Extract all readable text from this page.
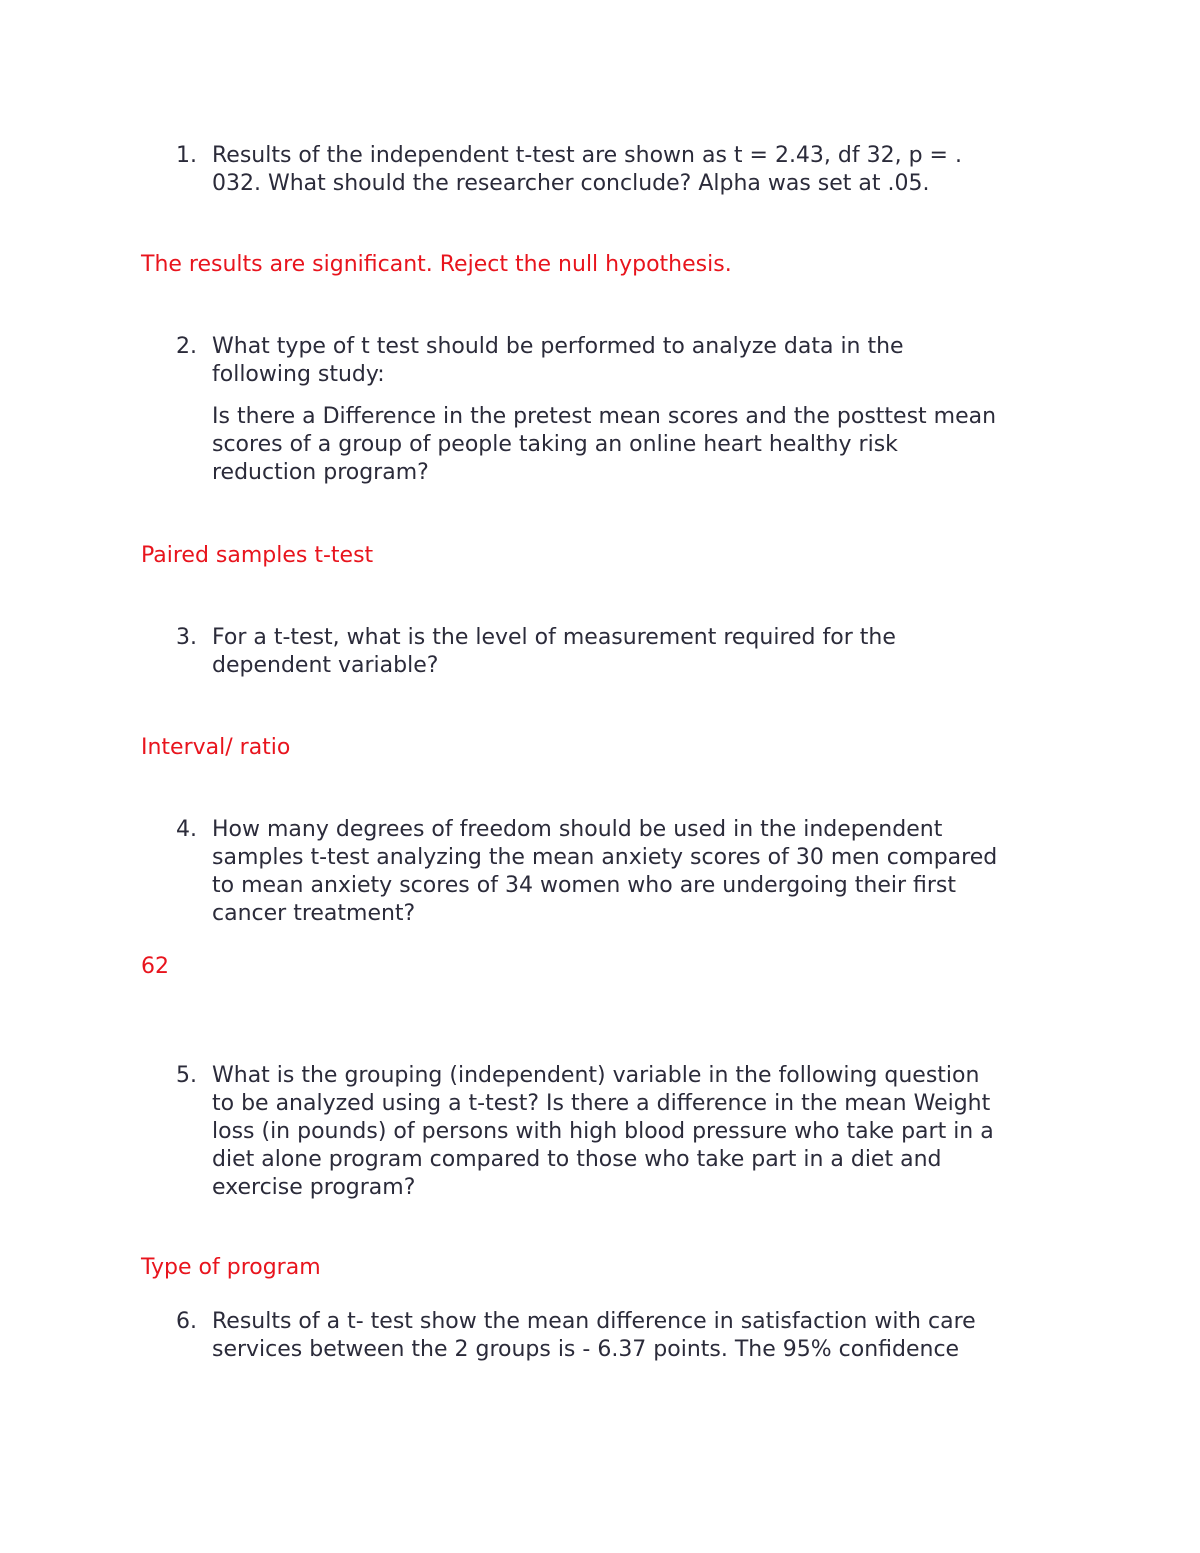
1. Results of the independent t-test are shown as t = 2.43, df 32, p = .
032. What should the researcher conclude? Alpha was set at .05.
The results are significant. Reject the null hypothesis.
2. What type of t test should be performed to analyze data in the
following study:
Is there a Difference in the pretest mean scores and the posttest mean
scores of a group of people taking an online heart healthy risk
reduction program?
Paired samples t-test
3. For a t-test, what is the level of measurement required for the
dependent variable?
Interval/ ratio
4. How many degrees of freedom should be used in the independent
samples t-test analyzing the mean anxiety scores of 30 men compared
to mean anxiety scores of 34 women who are undergoing their first
cancer treatment?
62
5. What is the grouping (independent) variable in the following question
to be analyzed using a t-test? Is there a difference in the mean Weight
loss (in pounds) of persons with high blood pressure who take part in a
diet alone program compared to those who take part in a diet and
exercise program?
Type of program
6. Results of a t- test show the mean difference in satisfaction with care
services between the 2 groups is - 6.37 points. The 95% confidence
